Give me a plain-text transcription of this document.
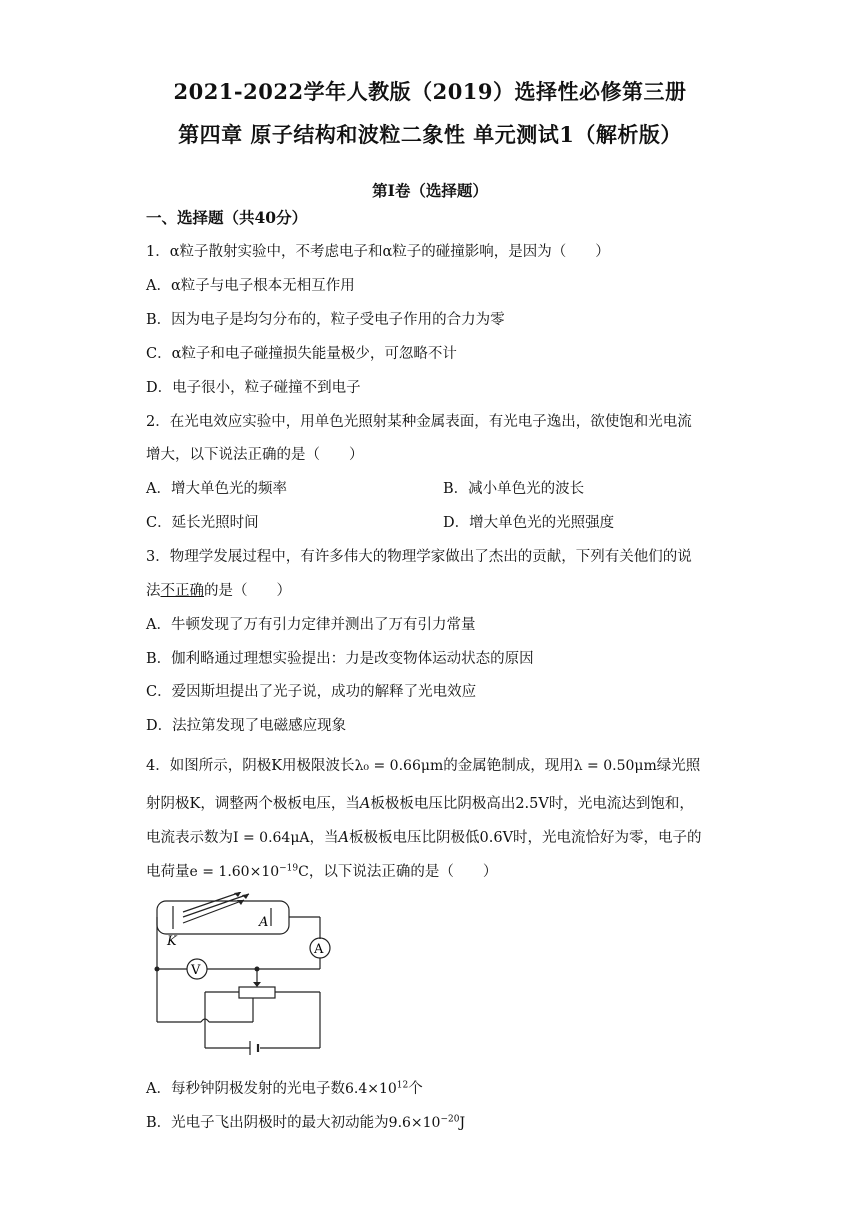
2021-2022学年人教版（2019）选择性必修第三册
第四章 原子结构和波粒二象性 单元测试1（解析版）
第Ⅰ卷（选择题）
一、选择题（共40分）
1．α粒子散射实验中，不考虑电子和α粒子的碰撞影响，是因为（　　）
A．α粒子与电子根本无相互作用
B．因为电子是均匀分布的，粒子受电子作用的合力为零
C．α粒子和电子碰撞损失能量极少，可忽略不计
D．电子很小，粒子碰撞不到电子
2．在光电效应实验中，用单色光照射某种金属表面，有光电子逸出，欲使饱和光电流
增大，以下说法正确的是（　　）
A．增大单色光的频率	B．减小单色光的波长
C．延长光照时间	D．增大单色光的光照强度
3．物理学发展过程中，有许多伟大的物理学家做出了杰出的贡献，下列有关他们的说
法不正确的是（　　）
A．牛顿发现了万有引力定律并测出了万有引力常量
B．伽利略通过理想实验提出：力是改变物体运动状态的原因
C．爱因斯坦提出了光子说，成功的解释了光电效应
D．法拉第发现了电磁感应现象
4．如图所示，阴极K用极限波长λ₀ = 0.66μm的金属铯制成，现用λ = 0.50μm绿光照
射阴极K，调整两个极板电压，当A板极板电压比阴极高出2.5V时，光电流达到饱和，
电流表示数为I = 0.64μA，当A板极板电压比阴极低0.6V时，光电流恰好为零，电子的
电荷量$e = 1.60\times 10^{-19}C$，以下说法正确的是（　　）
K
A
A
V
A．每秒钟阴极发射的光电子数$6.4\times 10^{12}$个
B．光电子飞出阴极时的最大初动能为$9.6\times 10^{-20}J$
